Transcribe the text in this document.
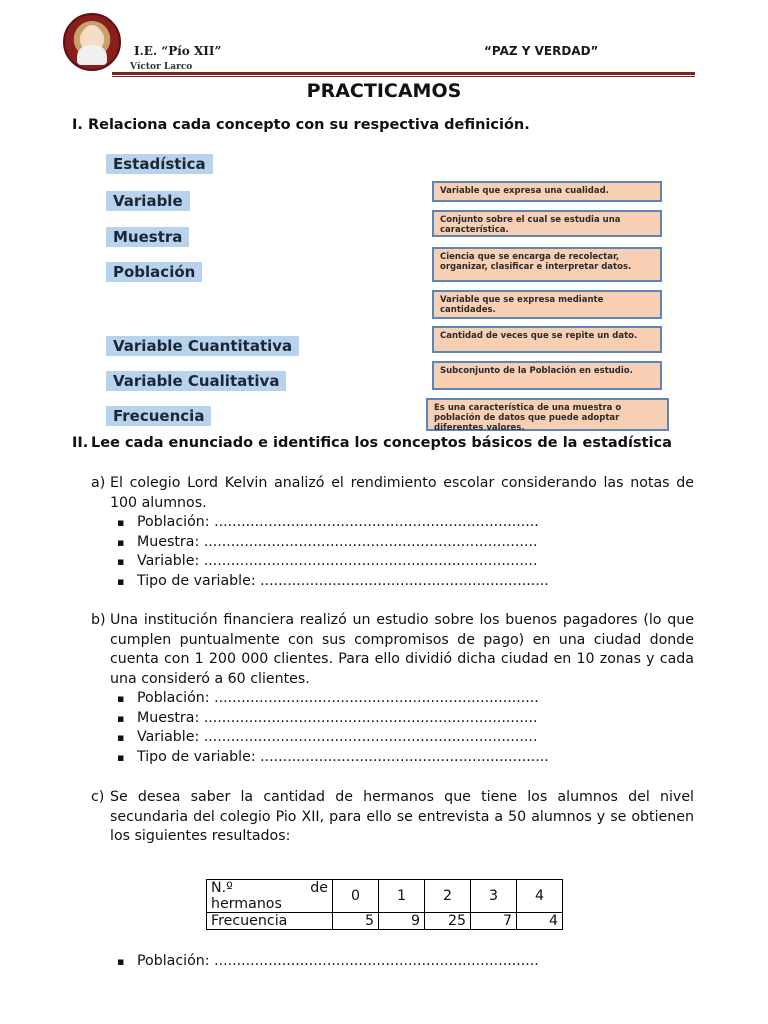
I.E. “Pío XII”
Víctor Larco
“PAZ Y VERDAD”
PRACTICAMOS
I. Relaciona cada concepto con su respectiva definición.
Estadística
Variable
Muestra
Población
Variable Cuantitativa
Variable Cualitativa
Frecuencia
Variable que expresa una cualidad.
Conjunto sobre el cual se estudia una característica.
Ciencia que se encarga de recolectar, organizar, clasificar e interpretar datos.
Variable que se expresa mediante cantidades.
Cantidad de veces que se repite un dato.
Subconjunto de la Población en estudio.
Es una característica de una muestra o población de datos que puede adoptar diferentes valores.
II. Lee cada enunciado e identifica los conceptos básicos de la estadística
a) El colegio Lord Kelvin analizó el rendimiento escolar considerando las notas de 100 alumnos.
▪ Población: ........................................................................
▪ Muestra: ..........................................................................
▪ Variable: ..........................................................................
▪ Tipo de variable: ................................................................
b) Una institución financiera realizó un estudio sobre los buenos pagadores (lo que cumplen puntualmente con sus compromisos de pago) en una ciudad donde cuenta con 1 200 000 clientes. Para ello dividió dicha ciudad en 10 zonas y cada una consideró a 60 clientes.
▪ Población: ........................................................................
▪ Muestra: ..........................................................................
▪ Variable: ..........................................................................
▪ Tipo de variable: ................................................................
c) Se desea saber la cantidad de hermanos que tiene los alumnos del nivel secundaria del colegio Pio XII, para ello se entrevista a 50 alumnos y se obtienen los siguientes resultados:
N.º de
hermanos	0	1	2	3	4
Frecuencia	5	9	25	7	4
▪ Población: ........................................................................
